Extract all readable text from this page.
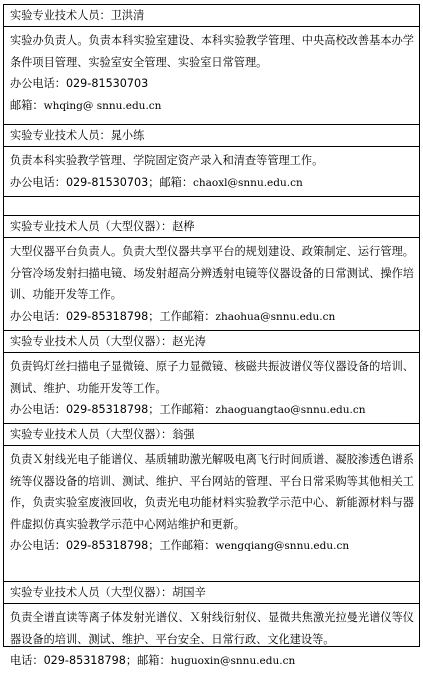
实验专业技术人员：卫洪清

实验办负责人。负责本科实验室建设、本科实验教学管理、中央高校改善基本办学条件项目管理、实验室安全管理、实验室日常管理。

办公电话：029-81530703

邮箱：whqing@ snnu.edu.cn

实验专业技术人员：晁小练

负责本科实验教学管理、学院固定资产录入和清查等管理工作。

办公电话：029-81530703；邮箱：chaoxl@snnu.edu.cn

实验专业技术人员（大型仪器）：赵桦

大型仪器平台负责人。负责大型仪器共享平台的规划建设、政策制定、运行管理。分管冷场发射扫描电镜、场发射超高分辨透射电镜等仪器设备的日常测试、操作培训、功能开发等工作。

办公电话：029-85318798；工作邮箱：zhaohua@snnu.edu.cn

实验专业技术人员（大型仪器）：赵光涛

负责钨灯丝扫描电子显微镜、原子力显微镜、核磁共振波谱仪等仪器设备的培训、测试、维护、功能开发等工作。

办公电话：029-85318798；工作邮箱：zhaoguangtao@snnu.edu.cn

实验专业技术人员（大型仪器）：翁强

负责Ｘ射线光电子能谱仪、基质辅助激光解吸电离飞行时间质谱、凝胶渗透色谱系统等仪器设备的培训、测试、维护、平台网站的管理、平台日常采购等其他相关工作，负责实验室废液回收，负责光电功能材料实验教学示范中心、新能源材料与器件虚拟仿真实验教学示范中心网站维护和更新。

办公电话：029-85318798；工作邮箱：wengqiang@snnu.edu.cn

实验专业技术人员（大型仪器）：胡国辛

负责全谱直读等离子体发射光谱仪、Ｘ射线衍射仪、显微共焦激光拉曼光谱仪等仪器设备的培训、测试、维护、平台安全、日常行政、文化建设等。

电话：029-85318798；邮箱：huguoxin@snnu.edu.cn
